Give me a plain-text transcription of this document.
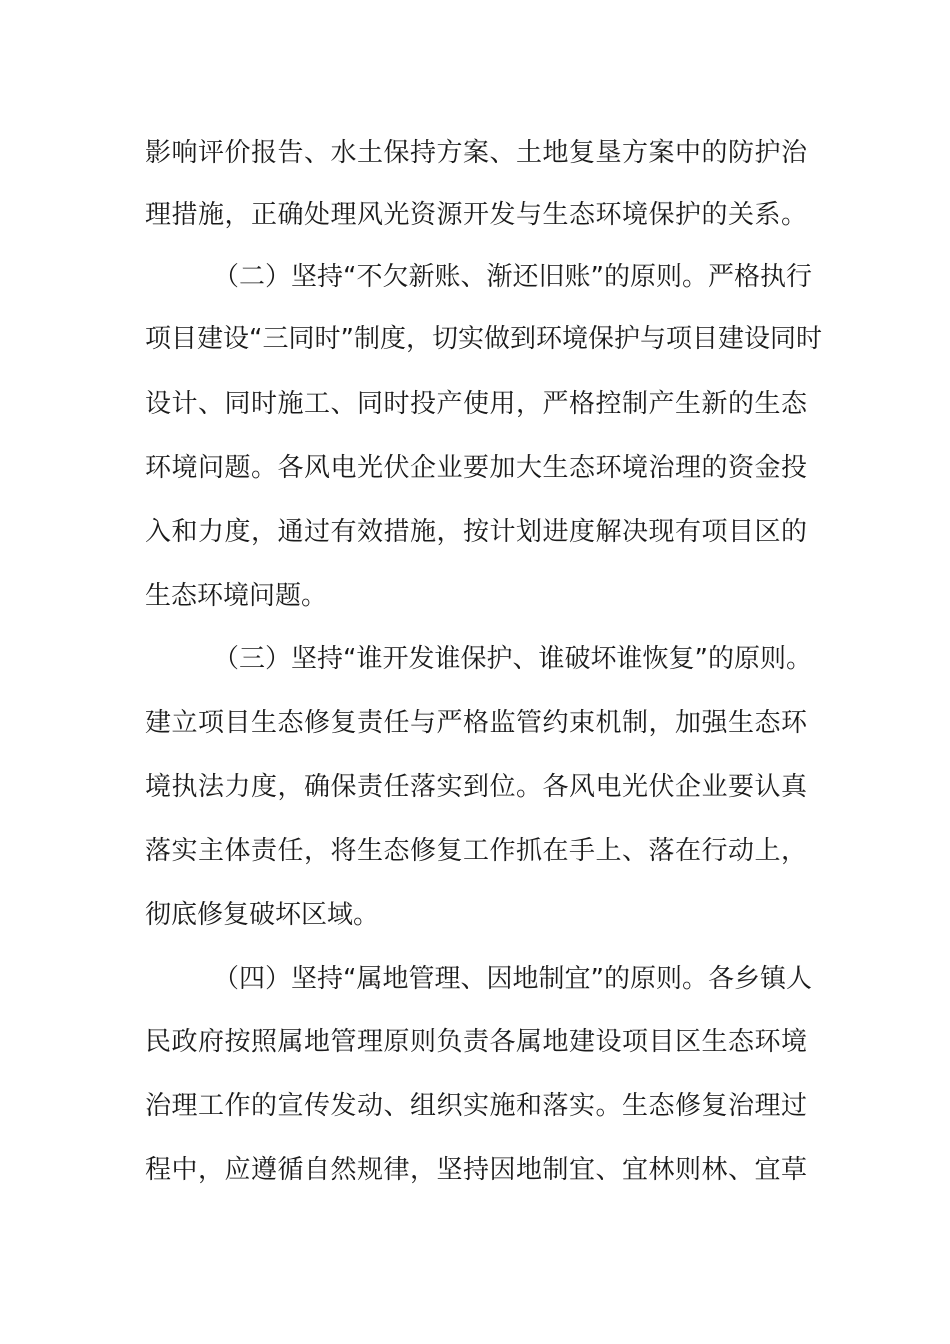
影响评价报告、水土保持方案、土地复垦方案中的防护治
理措施，正确处理风光资源开发与生态环境保护的关系。
（二）坚持“不欠新账、渐还旧账”的原则。严格执行
项目建设“三同时”制度，切实做到环境保护与项目建设同时
设计、同时施工、同时投产使用，严格控制产生新的生态
环境问题。各风电光伏企业要加大生态环境治理的资金投
入和力度，通过有效措施，按计划进度解决现有项目区的
生态环境问题。
（三）坚持“谁开发谁保护、谁破坏谁恢复”的原则。
建立项目生态修复责任与严格监管约束机制，加强生态环
境执法力度，确保责任落实到位。各风电光伏企业要认真
落实主体责任，将生态修复工作抓在手上、落在行动上，
彻底修复破坏区域。
（四）坚持“属地管理、因地制宜”的原则。各乡镇人
民政府按照属地管理原则负责各属地建设项目区生态环境
治理工作的宣传发动、组织实施和落实。生态修复治理过
程中，应遵循自然规律，坚持因地制宜、宜林则林、宜草
